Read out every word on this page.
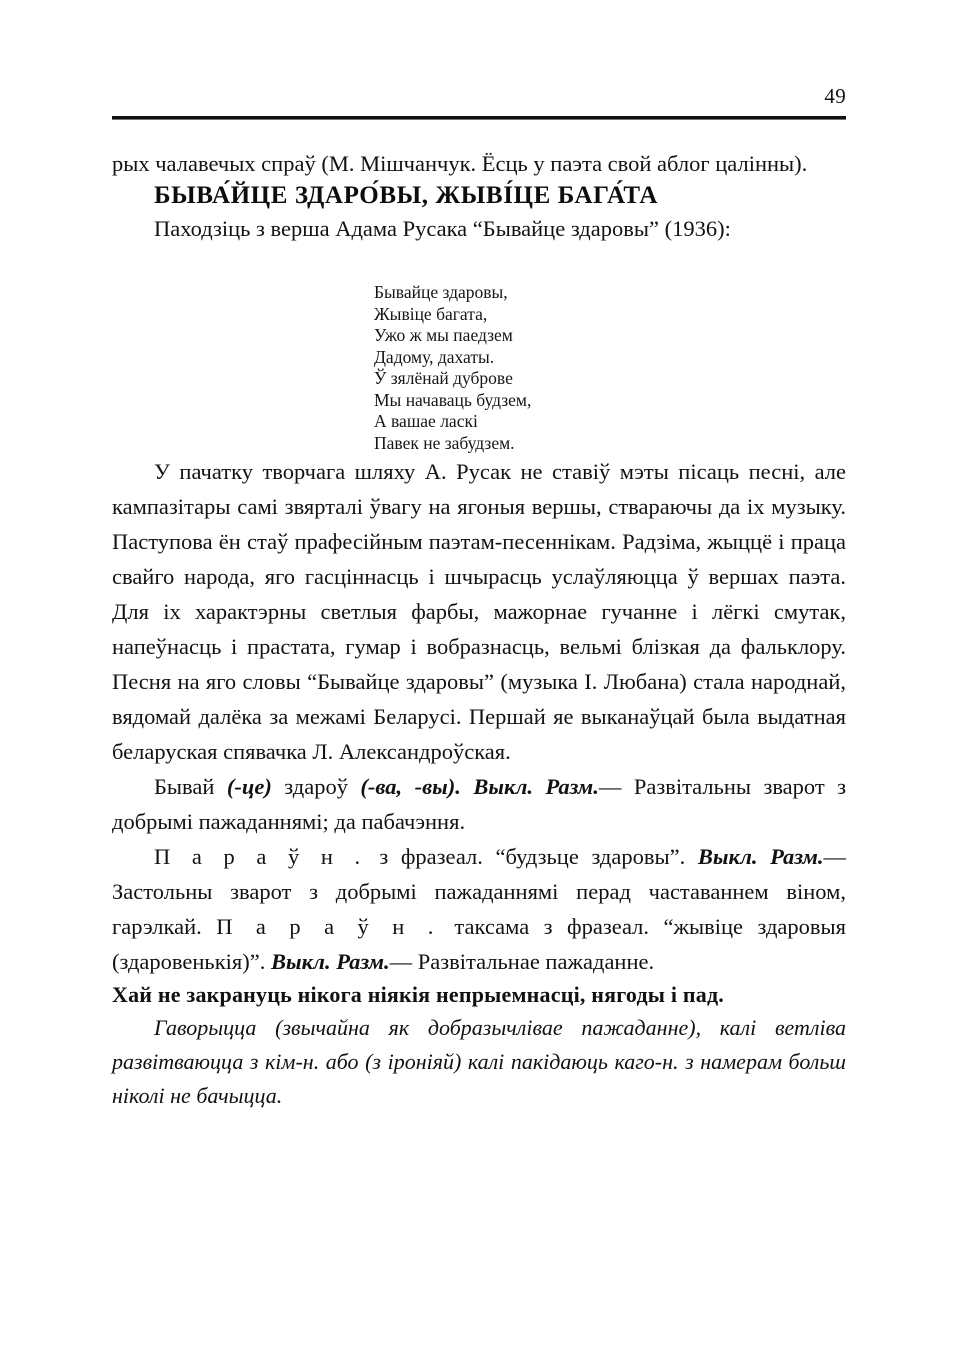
49

рых чалавечых спраў (М. Мішчанчук. Ёсць у паэта свой аблог цалінны).

БЫВА́ЙЦЕ ЗДАРО́ВЫ, ЖЫВІ́ЦЕ БАГА́ТА

Паходзіць з верша Адама Русака “Бывайце здаровы” (1936):

Бывайце здаровы,
Жывіце багата,
Ужо ж мы паедзем
Дадому, дахаты.
Ў зялёнай дуброве
Мы начаваць будзем,
А вашае ласкі
Павек не забудзем.

У пачатку творчага шляху А. Русак не ставіў мэты пісаць песні, але кампазітары самі звярталі ўвагу на ягоныя вершы, ствараючы да іх музыку. Паступова ён стаў прафесійным паэтам-песеннікам. Радзіма, жыццё і праца свайго народа, яго гасціннасць і шчырасць услаўляюцца ў вершах паэта. Для іх характэрны светлыя фарбы, мажорнае гучанне і лёгкі смутак, напеўнасць і прастата, гумар і вобразнасць, вельмі блізкая да фальклору. Песня на яго словы “Бывайце здаровы” (музыка І. Любана) стала народнай, вядомай далёка за межамі Беларусі. Першай яе выканаўцай была выдатная беларуская спявачка Л. Александроўская.

Бывай (-це) здароў (-ва, -вы). Выкл. Разм.— Развітальны зварот з добрымі пажаданнямі; да пабачэння.

П а р а ў н . з фразеал. “будзьце здаровы”. Выкл. Разм.— Застольны зварот з добрымі пажаданнямі перад частаваннем віном, гарэлкай. П а р а ў н . таксама з фразеал. “жывіце здаровыя (здаровенькія)”. Выкл. Разм.— Развітальнае пажаданне.

Хай не закрануць нікога ніякія непрыемнасці, нягоды і пад.

Гаворыцца (звычайна як добразычлівае пажаданне), калі ветліва развітваюцца з кім-н. або (з іроніяй) калі пакідаюць каго-н. з намерам больш ніколі не бачыцца.
